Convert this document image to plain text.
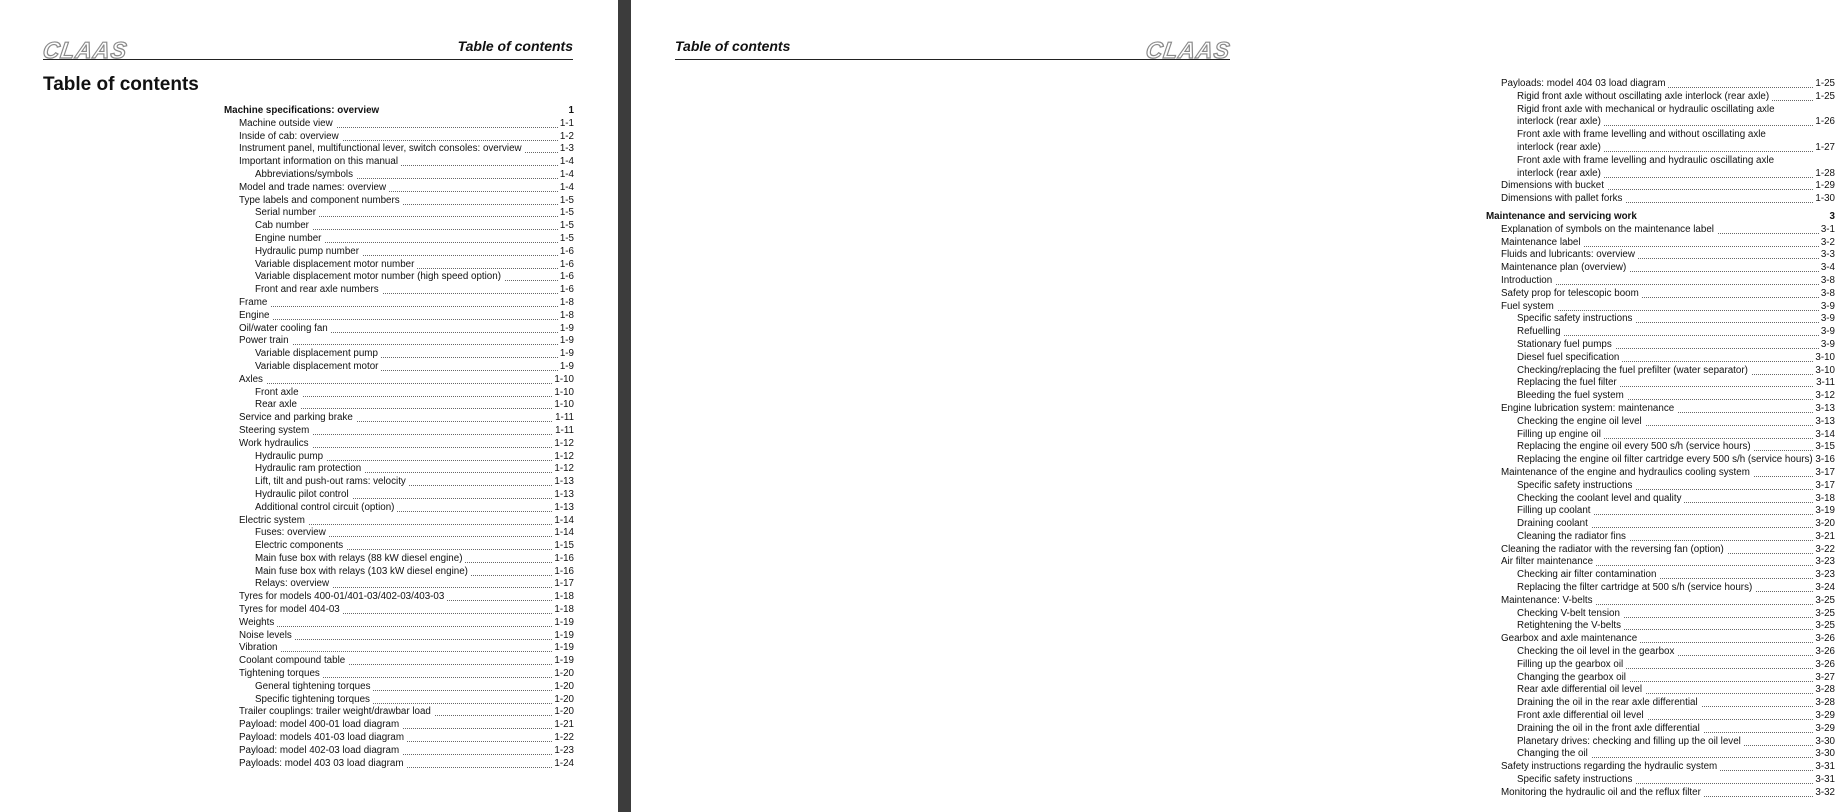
CLAAS	Table of contents
Table of contents
Machine specifications: overview	1
Machine outside view	1-1
Inside of cab: overview	1-2
Instrument panel, multifunctional lever, switch consoles: overview	1-3
Important information on this manual	1-4
Abbreviations/symbols	1-4
Model and trade names: overview	1-4
Type labels and component numbers	1-5
Serial number	1-5
Cab number	1-5
Engine number	1-5
Hydraulic pump number	1-6
Variable displacement motor number	1-6
Variable displacement motor number (high speed option)	1-6
Front and rear axle numbers	1-6
Frame	1-8
Engine	1-8
Oil/water cooling fan	1-9
Power train	1-9
Variable displacement pump	1-9
Variable displacement motor	1-9
Axles	1-10
Front axle	1-10
Rear axle	1-10
Service and parking brake	1-11
Steering system	1-11
Work hydraulics	1-12
Hydraulic pump	1-12
Hydraulic ram protection	1-12
Lift, tilt and push-out rams: velocity	1-13
Hydraulic pilot control	1-13
Additional control circuit (option)	1-13
Electric system	1-14
Fuses: overview	1-14
Electric components	1-15
Main fuse box with relays (88 kW diesel engine)	1-16
Main fuse box with relays (103 kW diesel engine)	1-16
Relays: overview	1-17
Tyres for models 400-01/401-03/402-03/403-03	1-18
Tyres for model 404-03	1-18
Weights	1-19
Noise levels	1-19
Vibration	1-19
Coolant compound table	1-19
Tightening torques	1-20
General tightening torques	1-20
Specific tightening torques	1-20
Trailer couplings: trailer weight/drawbar load	1-20
Payload: model 400-01 load diagram	1-21
Payload: models 401-03 load diagram	1-22
Payload: model 402-03 load diagram	1-23
Payloads: model 403 03 load diagram	1-24
Table of contents	CLAAS
Payloads: model 404 03 load diagram	1-25
Rigid front axle without oscillating axle interlock (rear axle)	1-25
Rigid front axle with mechanical or hydraulic oscillating axle
interlock (rear axle)	1-26
Front axle with frame levelling and without oscillating axle
interlock (rear axle)	1-27
Front axle with frame levelling and hydraulic oscillating axle
interlock (rear axle)	1-28
Dimensions with bucket	1-29
Dimensions with pallet forks	1-30
Maintenance and servicing work	3
Explanation of symbols on the maintenance label	3-1
Maintenance label	3-2
Fluids and lubricants: overview	3-3
Maintenance plan (overview)	3-4
Introduction	3-8
Safety prop for telescopic boom	3-8
Fuel system	3-9
Specific safety instructions	3-9
Refuelling	3-9
Stationary fuel pumps	3-9
Diesel fuel specification	3-10
Checking/replacing the fuel prefilter (water separator)	3-10
Replacing the fuel filter	3-11
Bleeding the fuel system	3-12
Engine lubrication system: maintenance	3-13
Checking the engine oil level	3-13
Filling up engine oil	3-14
Replacing the engine oil every 500 s/h (service hours)	3-15
Replacing the engine oil filter cartridge every 500 s/h (service hours) 3-16
Maintenance of the engine and hydraulics cooling system	3-17
Specific safety instructions	3-17
Checking the coolant level and quality	3-18
Filling up coolant	3-19
Draining coolant	3-20
Cleaning the radiator fins	3-21
Cleaning the radiator with the reversing fan (option)	3-22
Air filter maintenance	3-23
Checking air filter contamination	3-23
Replacing the filter cartridge at 500 s/h (service hours)	3-24
Maintenance: V-belts	3-25
Checking V-belt tension	3-25
Retightening the V-belts	3-25
Gearbox and axle maintenance	3-26
Checking the oil level in the gearbox	3-26
Filling up the gearbox oil	3-26
Changing the gearbox oil	3-27
Rear axle differential oil level	3-28
Draining the oil in the rear axle differential	3-28
Front axle differential oil level	3-29
Draining the oil in the front axle differential	3-29
Planetary drives: checking and filling up the oil level	3-30
Changing the oil	3-30
Safety instructions regarding the hydraulic system	3-31
Specific safety instructions	3-31
Monitoring the hydraulic oil and the reflux filter	3-32
